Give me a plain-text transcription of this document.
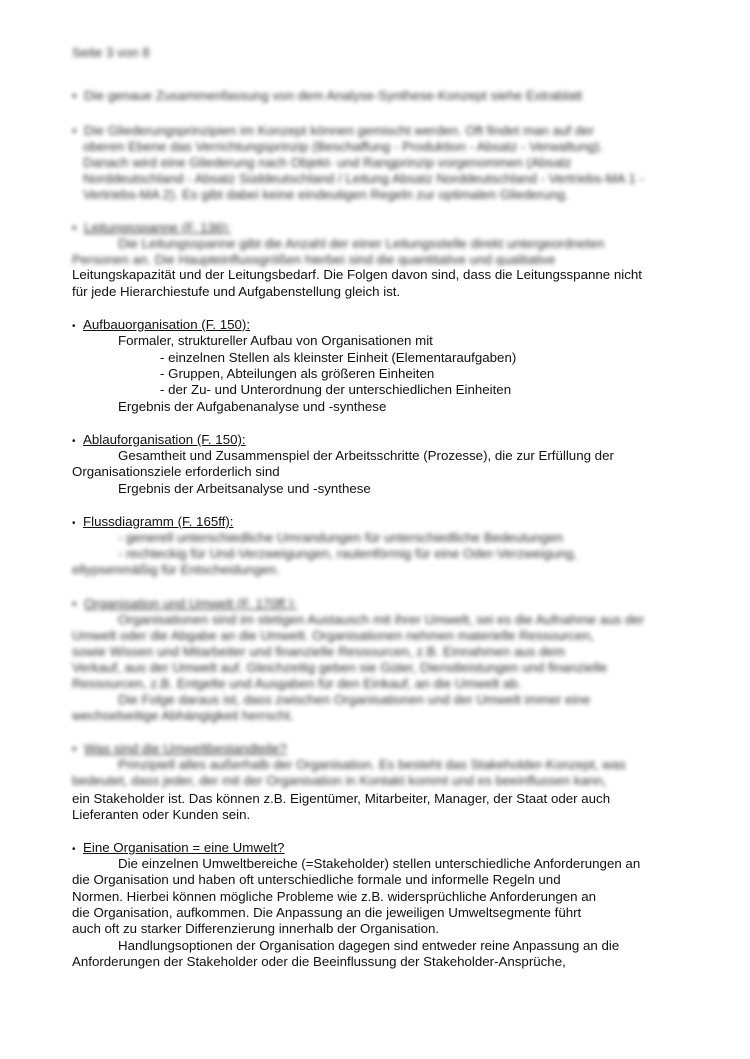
Seite 3 von 8
•  Die genaue Zusammenfassung von dem Analyse-Synthese-Konzept siehe Extrablatt
•  Die Gliederungsprinzipien im Konzept können gemischt werden. Oft findet man auf der
oberen Ebene das Verrichtungsprinzip (Beschaffung - Produktion - Absatz - Verwaltung).
Danach wird eine Gliederung nach Objekt- und Rangprinzip vorgenommen (Absatz
Norddeutschland - Absatz Süddeutschland / Leitung Absatz Norddeutschland - Vertriebs-MA 1 -
Vertriebs-MA 2). Es gibt dabei keine eindeutigen Regeln zur optimalen Gliederung.
•  Leitungsspanne (F. 136):
Die Leitungsspanne gibt die Anzahl der einer Leitungsstelle direkt untergeordneten
Personen an. Die Haupteinflussgrößen hierbei sind die quantitative und qualitative
Leitungskapazität und der Leitungsbedarf. Die Folgen davon sind, dass die Leitungsspanne nicht
für jede Hierarchiestufe und Aufgabenstellung gleich ist.
• Aufbauorganisation (F. 150):
Formaler, struktureller Aufbau von Organisationen mit
- einzelnen Stellen als kleinster Einheit (Elementaraufgaben)
- Gruppen, Abteilungen als größeren Einheiten
- der Zu- und Unterordnung der unterschiedlichen Einheiten
Ergebnis der Aufgabenanalyse und -synthese
• Ablauforganisation (F. 150):
Gesamtheit und Zusammenspiel der Arbeitsschritte (Prozesse), die zur Erfüllung der
Organisationsziele erforderlich sind
Ergebnis der Arbeitsanalyse und -synthese
• Flussdiagramm (F. 165ff):
- generell unterschiedliche Umrandungen für unterschiedliche Bedeutungen
- rechteckig für Und-Verzweigungen, rautenförmig für eine Oder-Verzweigung,
ellypsenmäßig für Entscheidungen.
•  Organisation und Umwelt (F. 170ff.):
Organisationen sind im stetigen Austausch mit ihrer Umwelt, sei es die Aufnahme aus der
Umwelt oder die Abgabe an die Umwelt. Organisationen nehmen materielle Ressourcen,
sowie Wissen und Mitarbeiter und finanzielle Ressourcen, z.B. Einnahmen aus dem
Verkauf, aus der Umwelt auf. Gleichzeitig geben sie Güter, Dienstleistungen und finanzielle
Ressourcen, z.B. Entgelte und Ausgaben für den Einkauf, an die Umwelt ab.
Die Folge daraus ist, dass zwischen Organisationen und der Umwelt immer eine
wechselseitige Abhängigkeit herrscht.
•  Was sind die Umweltbestandteile?
Prinzipiell alles außerhalb der Organisation. Es besteht das Stakeholder-Konzept, was
bedeutet, dass jeder, der mit der Organisation in Kontakt kommt und es beeinflussen kann,
ein Stakeholder ist. Das können z.B. Eigentümer, Mitarbeiter, Manager, der Staat oder auch
Lieferanten oder Kunden sein.
• Eine Organisation = eine Umwelt?
Die einzelnen Umweltbereiche (=Stakeholder) stellen unterschiedliche Anforderungen an
die Organisation und haben oft unterschiedliche formale und informelle Regeln und
Normen. Hierbei können mögliche Probleme wie z.B. widersprüchliche Anforderungen an
die Organisation, aufkommen. Die Anpassung an die jeweiligen Umweltsegmente führt
auch oft zu starker Differenzierung innerhalb der Organisation.
Handlungsoptionen der Organisation dagegen sind entweder reine Anpassung an die
Anforderungen der Stakeholder oder die Beeinflussung der Stakeholder-Ansprüche,
